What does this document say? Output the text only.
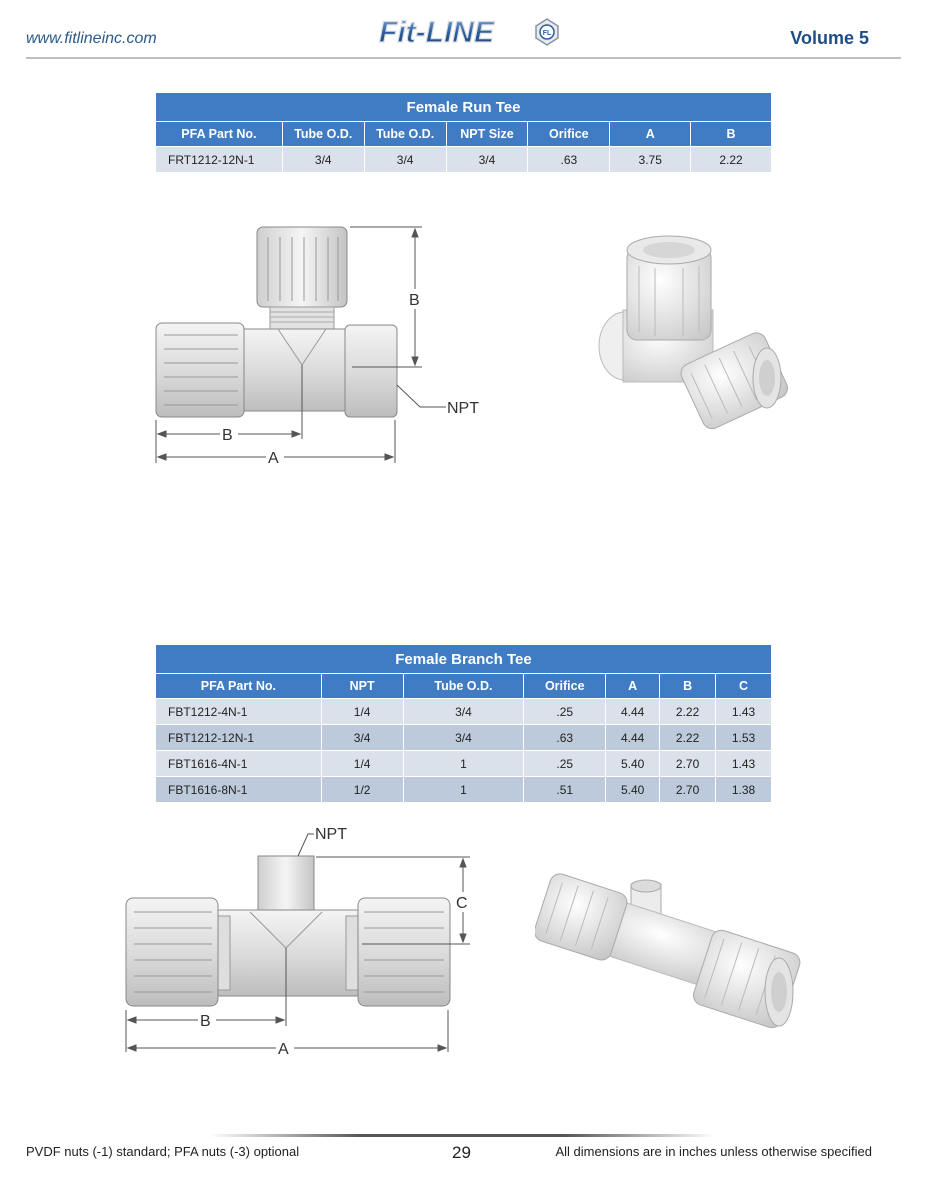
www.fitlineinc.com	Fit-LINE	FL	Volume 5
Female Run Tee						
PFA Part No.	Tube O.D.	Tube O.D.	NPT Size	Orifice	A	B
FRT1212-12N-1	3/4	3/4	3/4	.63	3.75	2.22
B
B
A
NPT
Female Branch Tee						
PFA Part No.	NPT	Tube O.D.	Orifice	A	B	C
FBT1212-4N-1	1/4	3/4	.25	4.44	2.22	1.43
FBT1212-12N-1	3/4	3/4	.63	4.44	2.22	1.53
FBT1616-4N-1	1/4	1	.25	5.40	2.70	1.43
FBT1616-8N-1	1/2	1	.51	5.40	2.70	1.38
NPT
C
B
A
PVDF nuts (-1) standard; PFA nuts (-3) optional	29	All dimensions are in inches unless otherwise specified
